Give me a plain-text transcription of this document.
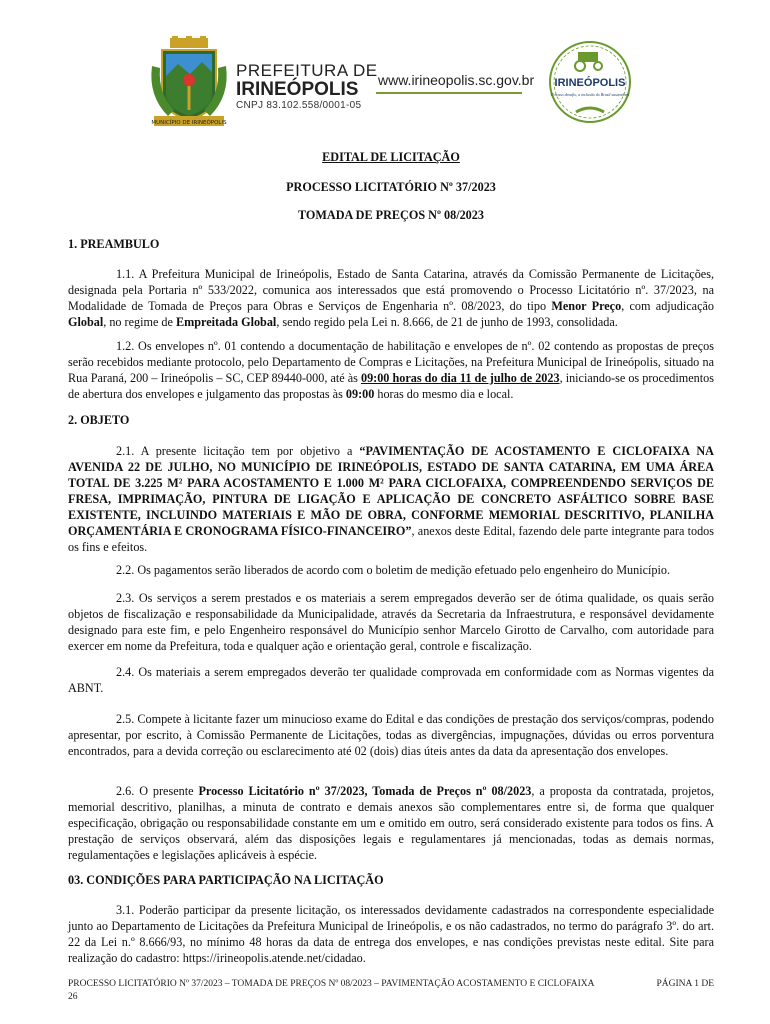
MUNICÍPIO DE IRINEÓPOLIS
PREFEITURA DE
IRINEÓPOLIS
CNPJ 83.102.558/0001-05
www.irineopolis.sc.gov.br IRINEÓPOLIS
O nosso desafio, a inclusão do Brasil sustentável
EDITAL DE LICITAÇÃO
PROCESSO LICITATÓRIO Nº 37/2023
TOMADA DE PREÇOS Nº 08/2023
1. PREAMBULO
1.1. A Prefeitura Municipal de Irineópolis, Estado de Santa Catarina, através da Comissão Permanente de Licitações, designada pela Portaria nº 533/2022, comunica aos interessados que está promovendo o Processo Licitatório nº. 37/2023, na Modalidade de Tomada de Preços para Obras e Serviços de Engenharia nº. 08/2023, do tipo Menor Preço, com adjudicação Global, no regime de Empreitada Global, sendo regido pela Lei n. 8.666, de 21 de junho de 1993, consolidada.
1.2. Os envelopes nº. 01 contendo a documentação de habilitação e envelopes de nº. 02 contendo as propostas de preços serão recebidos mediante protocolo, pelo Departamento de Compras e Licitações, na Prefeitura Municipal de Irineópolis, situado na Rua Paraná, 200 – Irineópolis – SC, CEP 89440-000, até às 09:00 horas do dia 11 de julho de 2023, iniciando-se os procedimentos de abertura dos envelopes e julgamento das propostas às 09:00 horas do mesmo dia e local.
2. OBJETO
2.1. A presente licitação tem por objetivo a “PAVIMENTAÇÃO DE ACOSTAMENTO E CICLOFAIXA NA AVENIDA 22 DE JULHO, NO MUNICÍPIO DE IRINEÓPOLIS, ESTADO DE SANTA CATARINA, EM UMA ÁREA TOTAL DE 3.225 M² PARA ACOSTAMENTO E 1.000 M² PARA CICLOFAIXA, COMPREENDENDO SERVIÇOS DE FRESA, IMPRIMAÇÃO, PINTURA DE LIGAÇÃO E APLICAÇÃO DE CONCRETO ASFÁLTICO SOBRE BASE EXISTENTE, INCLUINDO MATERIAIS E MÃO DE OBRA, CONFORME MEMORIAL DESCRITIVO, PLANILHA ORÇAMENTÁRIA E CRONOGRAMA FÍSICO-FINANCEIRO”, anexos deste Edital, fazendo dele parte integrante para todos os fins e efeitos.
2.2. Os pagamentos serão liberados de acordo com o boletim de medição efetuado pelo engenheiro do Município.
2.3. Os serviços a serem prestados e os materiais a serem empregados deverão ser de ótima qualidade, os quais serão objetos de fiscalização e responsabilidade da Municipalidade, através da Secretaria da Infraestrutura, e responsável devidamente designado para este fim, e pelo Engenheiro responsável do Município senhor Marcelo Girotto de Carvalho, com autoridade para exercer em nome da Prefeitura, toda e qualquer ação e orientação geral, controle e fiscalização.
2.4. Os materiais a serem empregados deverão ter qualidade comprovada em conformidade com as Normas vigentes da ABNT.
2.5. Compete à licitante fazer um minucioso exame do Edital e das condições de prestação dos serviços/compras, podendo apresentar, por escrito, à Comissão Permanente de Licitações, todas as divergências, impugnações, dúvidas ou erros porventura encontrados, para a devida correção ou esclarecimento até 02 (dois) dias úteis antes da data da apresentação dos envelopes.
2.6. O presente Processo Licitatório nº 37/2023, Tomada de Preços nº 08/2023, a proposta da contratada, projetos, memorial descritivo, planilhas, a minuta de contrato e demais anexos são complementares entre si, de forma que qualquer especificação, obrigação ou responsabilidade constante em um e omitido em outro, será considerado existente para todos os fins. A prestação de serviços observará, além das disposições legais e regulamentares já mencionadas, todas as demais normas, regulamentações e legislações aplicáveis à espécie.
03. CONDIÇÕES PARA PARTICIPAÇÃO NA LICITAÇÃO
3.1. Poderão participar da presente licitação, os interessados devidamente cadastrados na correspondente especialidade junto ao Departamento de Licitações da Prefeitura Municipal de Irineópolis, e os não cadastrados, no termo do parágrafo 3º. do art. 22 da Lei n.º 8.666/93, no mínimo 48 horas da data de entrega dos envelopes, e nas condições previstas neste edital. Site para realização do cadastro: https://irineopolis.atende.net/cidadao.
PROCESSO LICITATÓRIO Nº 37/2023 – TOMADA DE PREÇOS Nº 08/2023 – PAVIMENTAÇÃO ACOSTAMENTO E CICLOFAIXA	PÁGINA 1 DE
26
